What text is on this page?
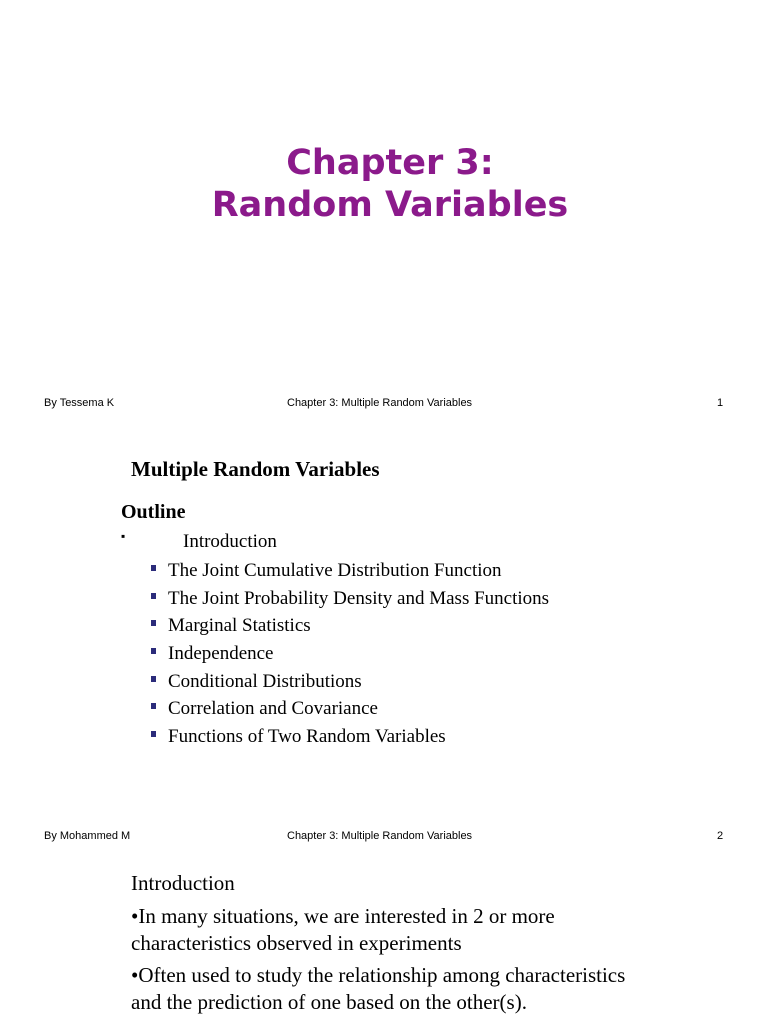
Chapter 3:
Random Variables
By Tessema K	Chapter 3: Multiple Random Variables	1
Multiple Random Variables
Outline
▪	Introduction
The Joint Cumulative Distribution Function
The Joint Probability Density and Mass Functions
Marginal Statistics
Independence
Conditional Distributions
Correlation and Covariance
Functions of Two Random Variables
By Mohammed M	Chapter 3: Multiple Random Variables	2
Introduction

•In many situations, we are interested in 2 or more characteristics observed in experiments

•Often used to study the relationship among characteristics and the prediction of one based on the other(s).
